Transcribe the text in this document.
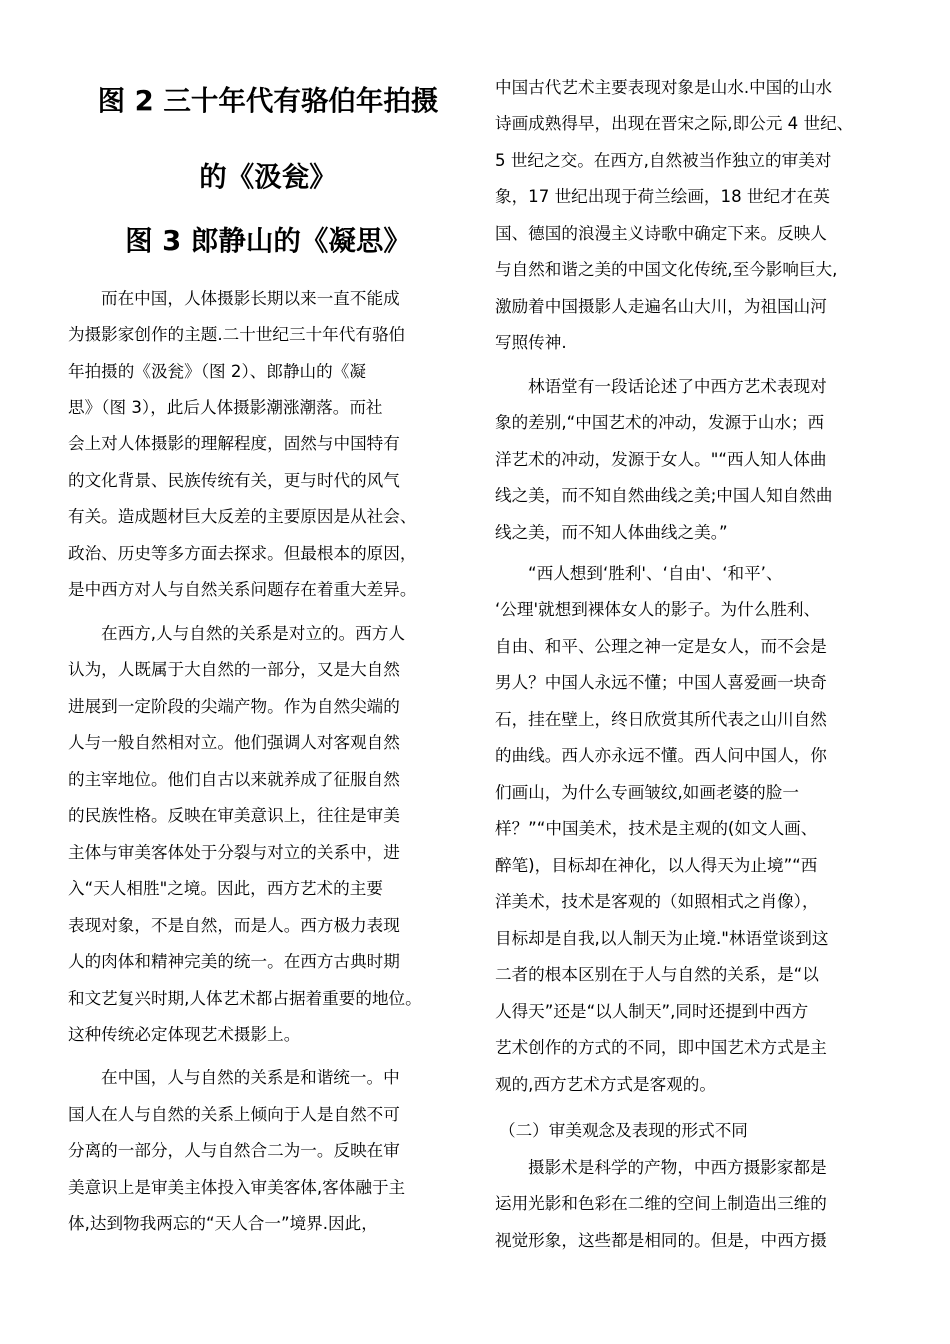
图 2 三十年代有骆伯年拍摄
的《汲瓮》
图 3 郎静山的《凝思》
而在中国，人体摄影长期以来一直不能成
为摄影家创作的主题.二十世纪三十年代有骆伯
年拍摄的《汲瓮》（图 2）、郎静山的《凝
思》（图 3），此后人体摄影潮涨潮落。而社
会上对人体摄影的理解程度，固然与中国特有
的文化背景、民族传统有关，更与时代的风气
有关。造成题材巨大反差的主要原因是从社会、
政治、历史等多方面去探求。但最根本的原因，
是中西方对人与自然关系问题存在着重大差异。
在西方,人与自然的关系是对立的。西方人
认为，人既属于大自然的一部分，又是大自然
进展到一定阶段的尖端产物。作为自然尖端的
人与一般自然相对立。他们强调人对客观自然
的主宰地位。他们自古以来就养成了征服自然
的民族性格。反映在审美意识上，往往是审美
主体与审美客体处于分裂与对立的关系中，进
入“天人相胜"之境。因此，西方艺术的主要
表现对象，不是自然，而是人。西方极力表现
人的肉体和精神完美的统一。在西方古典时期
和文艺复兴时期,人体艺术都占据着重要的地位。
这种传统必定体现艺术摄影上。
在中国，人与自然的关系是和谐统一。中
国人在人与自然的关系上倾向于人是自然不可
分离的一部分，人与自然合二为一。反映在审
美意识上是审美主体投入审美客体,客体融于主
体,达到物我两忘的“天人合一”境界.因此，
中国古代艺术主要表现对象是山水.中国的山水
诗画成熟得早，出现在晋宋之际,即公元 4 世纪、
5 世纪之交。在西方,自然被当作独立的审美对
象，17 世纪出现于荷兰绘画，18 世纪才在英
国、德国的浪漫主义诗歌中确定下来。反映人
与自然和谐之美的中国文化传统,至今影响巨大,
激励着中国摄影人走遍名山大川，为祖国山河
写照传神.
林语堂有一段话论述了中西方艺术表现对
象的差别,“中国艺术的冲动，发源于山水；西
洋艺术的冲动，发源于女人。"“西人知人体曲
线之美，而不知自然曲线之美;中国人知自然曲
线之美，而不知人体曲线之美。”
“西人想到‘胜利'、‘自由'、‘和平’、
‘公理'就想到裸体女人的影子。为什么胜利、
自由、和平、公理之神一定是女人，而不会是
男人？中国人永远不懂；中国人喜爱画一块奇
石，挂在壁上，终日欣赏其所代表之山川自然
的曲线。西人亦永远不懂。西人问中国人，你
们画山，为什么专画皱纹,如画老婆的脸一
样？”“中国美术，技术是主观的(如文人画、
醉笔)，目标却在神化，以人得天为止境”“西
洋美术，技术是客观的（如照相式之肖像），
目标却是自我,以人制天为止境."林语堂谈到这
二者的根本区别在于人与自然的关系，是“以
人得天”还是“以人制天”,同时还提到中西方
艺术创作的方式的不同，即中国艺术方式是主
观的,西方艺术方式是客观的。
（二）审美观念及表现的形式不同
摄影术是科学的产物，中西方摄影家都是
运用光影和色彩在二维的空间上制造出三维的
视觉形象，这些都是相同的。但是，中西方摄
